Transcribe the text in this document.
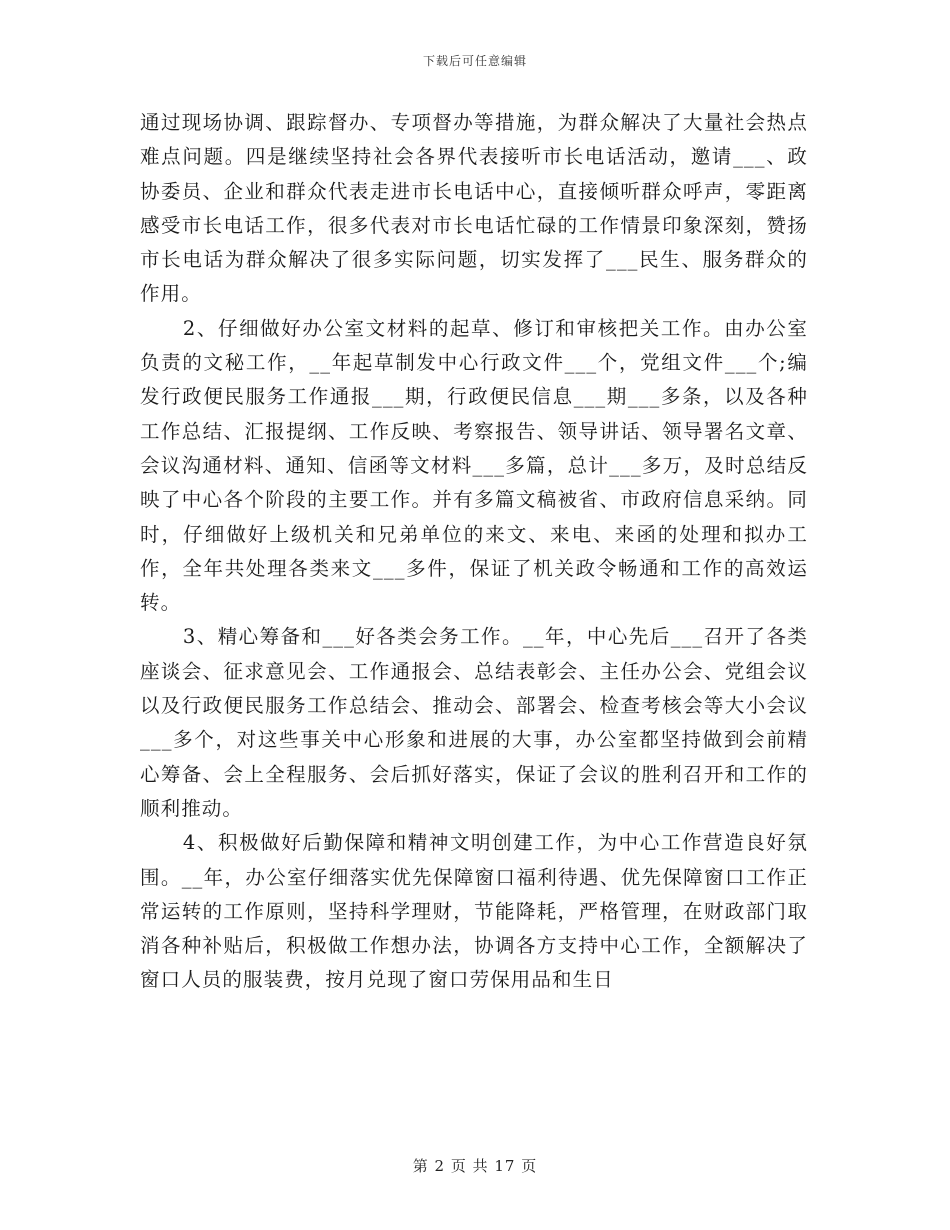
下载后可任意编辑

通过现场协调、跟踪督办、专项督办等措施，为群众解决了大量社会热点难点问题。四是继续坚持社会各界代表接听市长电话活动，邀请___、政协委员、企业和群众代表走进市长电话中心，直接倾听群众呼声，零距离感受市长电话工作，很多代表对市长电话忙碌的工作情景印象深刻，赞扬市长电话为群众解决了很多实际问题，切实发挥了___民生、服务群众的作用。

2、仔细做好办公室文材料的起草、修订和审核把关工作。由办公室负责的文秘工作，__年起草制发中心行政文件___个，党组文件___个;编发行政便民服务工作通报___期，行政便民信息___期___多条，以及各种工作总结、汇报提纲、工作反映、考察报告、领导讲话、领导署名文章、会议沟通材料、通知、信函等文材料___多篇，总计___多万，及时总结反映了中心各个阶段的主要工作。并有多篇文稿被省、市政府信息采纳。同时，仔细做好上级机关和兄弟单位的来文、来电、来函的处理和拟办工作，全年共处理各类来文___多件，保证了机关政令畅通和工作的高效运转。

3、精心筹备和___好各类会务工作。__年，中心先后___召开了各类座谈会、征求意见会、工作通报会、总结表彰会、主任办公会、党组会议以及行政便民服务工作总结会、推动会、部署会、检查考核会等大小会议___多个，对这些事关中心形象和进展的大事，办公室都坚持做到会前精心筹备、会上全程服务、会后抓好落实，保证了会议的胜利召开和工作的顺利推动。

4、积极做好后勤保障和精神文明创建工作，为中心工作营造良好氛围。__年，办公室仔细落实优先保障窗口福利待遇、优先保障窗口工作正常运转的工作原则，坚持科学理财，节能降耗，严格管理，在财政部门取消各种补贴后，积极做工作想办法，协调各方支持中心工作，全额解决了窗口人员的服装费，按月兑现了窗口劳保用品和生日

第 2 页 共 17 页
